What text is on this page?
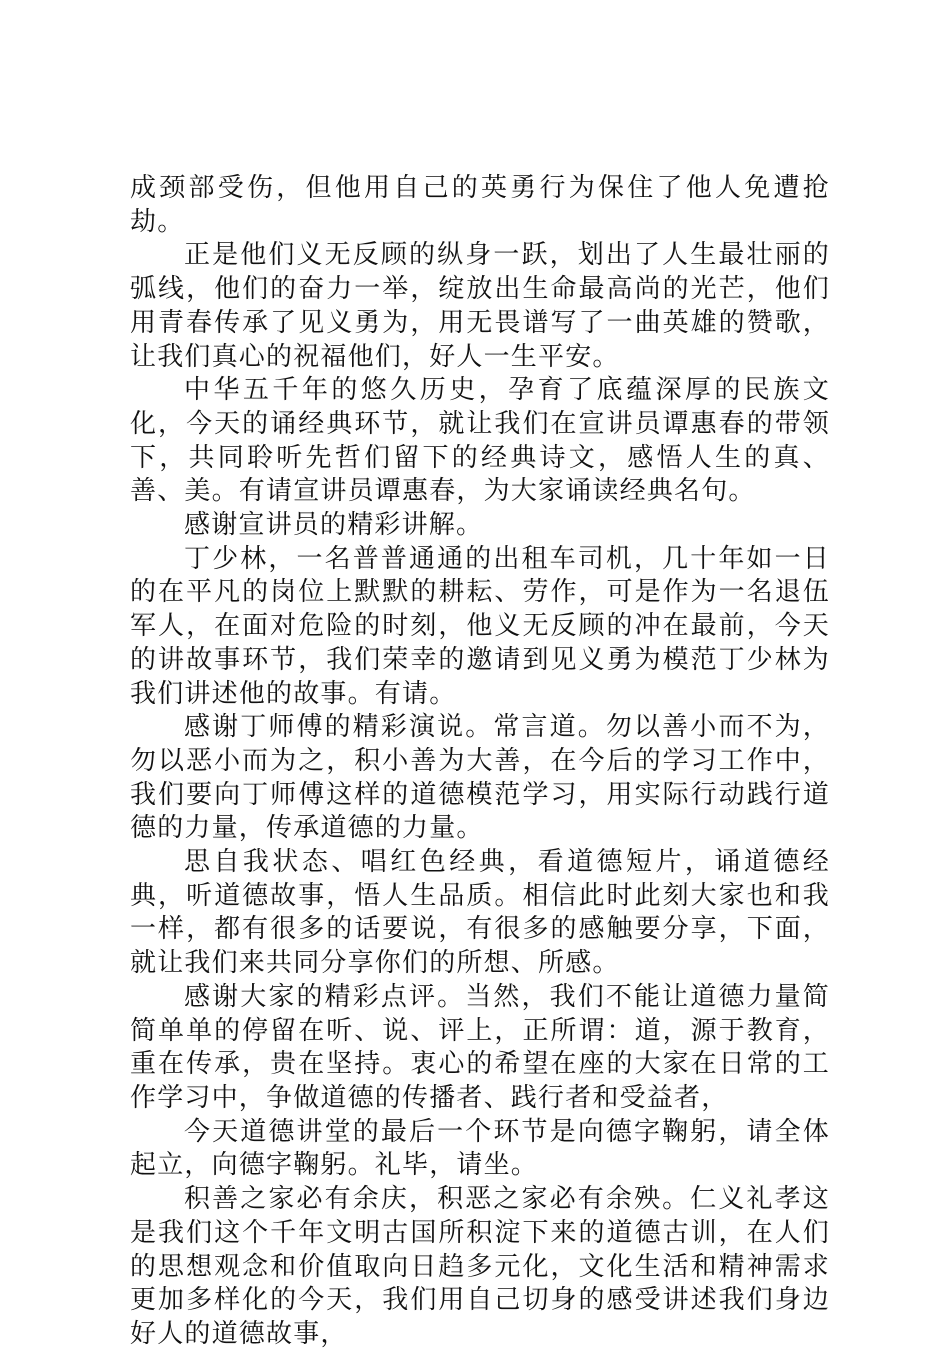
成颈部受伤，但他用自己的英勇行为保住了他人免遭抢劫。

正是他们义无反顾的纵身一跃，划出了人生最壮丽的弧线，他们的奋力一举，绽放出生命最高尚的光芒，他们用青春传承了见义勇为，用无畏谱写了一曲英雄的赞歌，让我们真心的祝福他们，好人一生平安。

中华五千年的悠久历史，孕育了底蕴深厚的民族文化，今天的诵经典环节，就让我们在宣讲员谭惠春的带领下，共同聆听先哲们留下的经典诗文，感悟人生的真、善、美。有请宣讲员谭惠春，为大家诵读经典名句。

感谢宣讲员的精彩讲解。

丁少林，一名普普通通的出租车司机，几十年如一日的在平凡的岗位上默默的耕耘、劳作，可是作为一名退伍军人，在面对危险的时刻，他义无反顾的冲在最前，今天的讲故事环节，我们荣幸的邀请到见义勇为模范丁少林为我们讲述他的故事。有请。

感谢丁师傅的精彩演说。常言道。勿以善小而不为，勿以恶小而为之，积小善为大善，在今后的学习工作中，我们要向丁师傅这样的道德模范学习，用实际行动践行道德的力量，传承道德的力量。

思自我状态、唱红色经典，看道德短片，诵道德经典，听道德故事，悟人生品质。相信此时此刻大家也和我一样，都有很多的话要说，有很多的感触要分享，下面，就让我们来共同分享你们的所想、所感。

感谢大家的精彩点评。当然，我们不能让道德力量简简单单的停留在听、说、评上，正所谓：道，源于教育，重在传承，贵在坚持。衷心的希望在座的大家在日常的工作学习中，争做道德的传播者、践行者和受益者，

今天道德讲堂的最后一个环节是向德字鞠躬，请全体起立，向德字鞠躬。礼毕，请坐。

积善之家必有余庆，积恶之家必有余殃。仁义礼孝这是我们这个千年文明古国所积淀下来的道德古训，在人们的思想观念和价值取向日趋多元化，文化生活和精神需求更加多样化的今天，我们用自己切身的感受讲述我们身边好人的道德故事，
